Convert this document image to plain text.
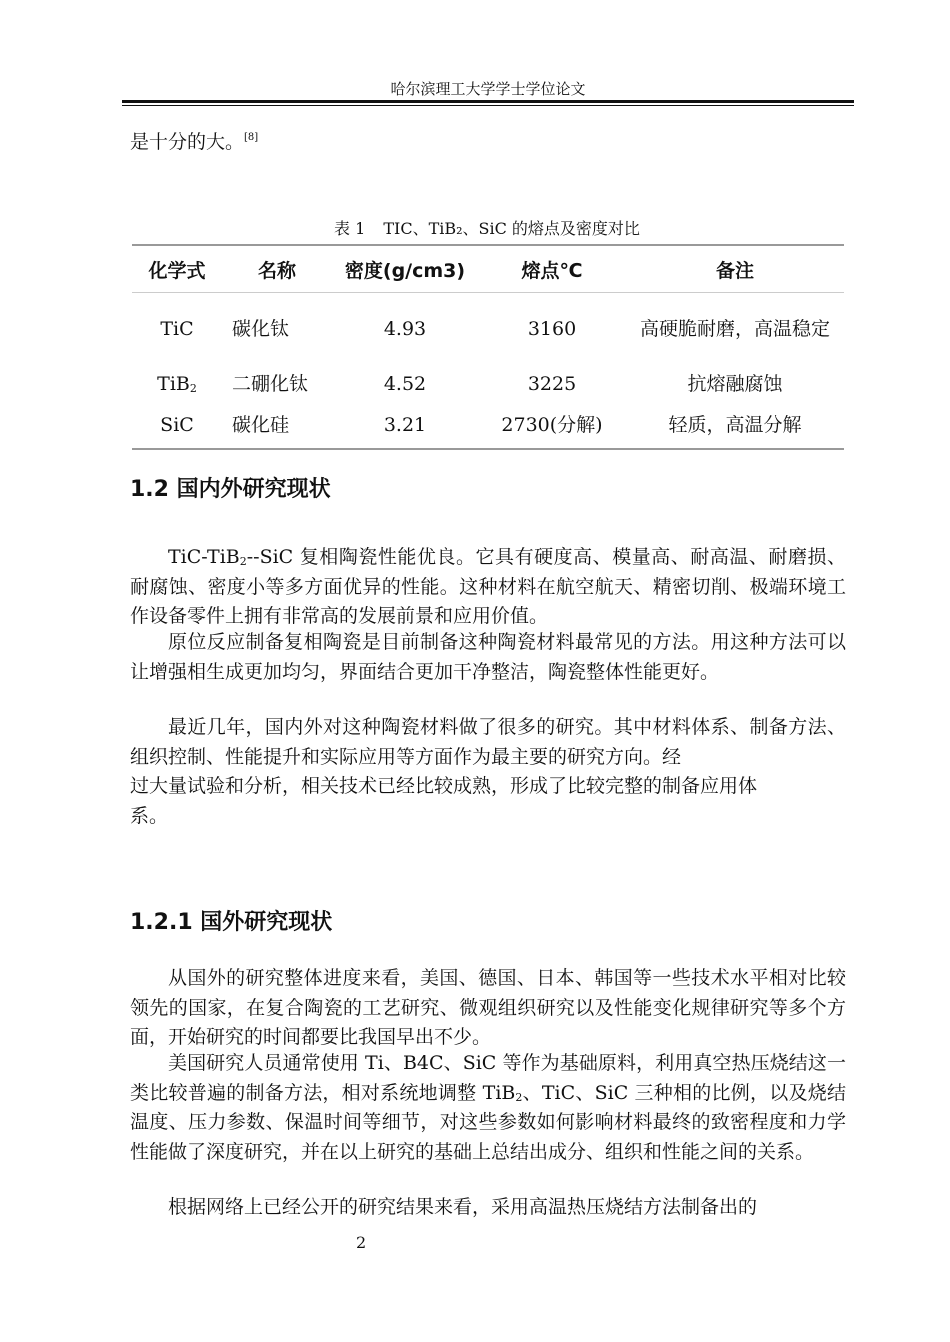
哈尔滨理工大学学士学位论文

是十分的大。[8]

表 1 TIC、TiB₂、SiC 的熔点及密度对比
化学式	名称	密度(g/cm3)	熔点℃	备注
TiC	碳化钛	4.93	3160	高硬脆耐磨，高温稳定
TiB$_2$	二硼化钛	4.52	3225	抗熔融腐蚀
SiC	碳化硅	3.21	2730(分解)	轻质，高温分解
1.2 国内外研究现状

TiC-TiB$_2$--SiC 复相陶瓷性能优良。它具有硬度高、模量高、耐高温、耐磨损、耐腐蚀、密度小等多方面优异的性能。这种材料在航空航天、精密切削、极端环境工作设备零件上拥有非常高的发展前景和应用价值。

原位反应制备复相陶瓷是目前制备这种陶瓷材料最常见的方法。用这种方法可以让增强相生成更加均匀，界面结合更加干净整洁，陶瓷整体性能更好。

最近几年，国内外对这种陶瓷材料做了很多的研究。其中材料体系、制备方法、组织控制、性能提升和实际应用等方面作为最主要的研究方向。经
过大量试验和分析，相关技术已经比较成熟，形成了比较完整的制备应用体
系。

1.2.1 国外研究现状

从国外的研究整体进度来看，美国、德国、日本、韩国等一些技术水平相对比较领先的国家，在复合陶瓷的工艺研究、微观组织研究以及性能变化规律研究等多个方面，开始研究的时间都要比我国早出不少。

美国研究人员通常使用 Ti、B4C、SiC 等作为基础原料，利用真空热压烧结这一类比较普遍的制备方法，相对系统地调整 TiB$_2$、TiC、SiC 三种相的比例，以及烧结温度、压力参数、保温时间等细节，对这些参数如何影响材料最终的致密程度和力学性能做了深度研究，并在以上研究的基础上总结出成分、组织和性能之间的关系。

根据网络上已经公开的研究结果来看，采用高温热压烧结方法制备出的

2
